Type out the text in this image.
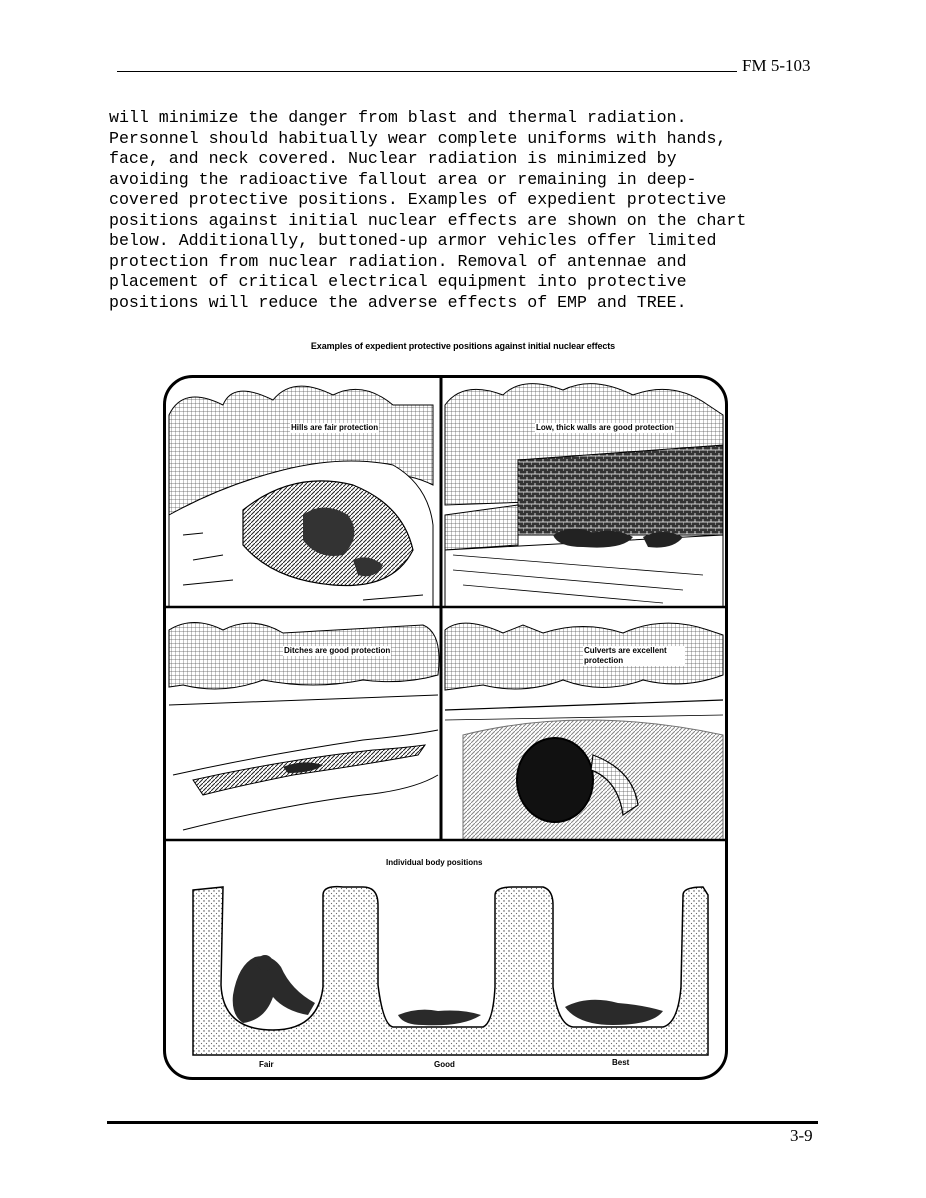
FM 5-103

will minimize the danger from blast and thermal radiation.
Personnel should habitually wear complete uniforms with hands,
face, and neck covered. Nuclear radiation is minimized by
avoiding the radioactive fallout area or remaining in deep-
covered protective positions. Examples of expedient protective
positions against initial nuclear effects are shown on the chart
below. Additionally, buttoned-up armor vehicles offer limited
protection from nuclear radiation. Removal of antennae and
placement of critical electrical equipment into protective
positions will reduce the adverse effects of EMP and TREE.

Examples of expedient protective positions against initial nuclear effects
Hills are fair protection	Low, thick walls are good protection
Ditches are good protection	Culverts are excellent protection
Individual body positions
Fair	Good	Best
3-9
